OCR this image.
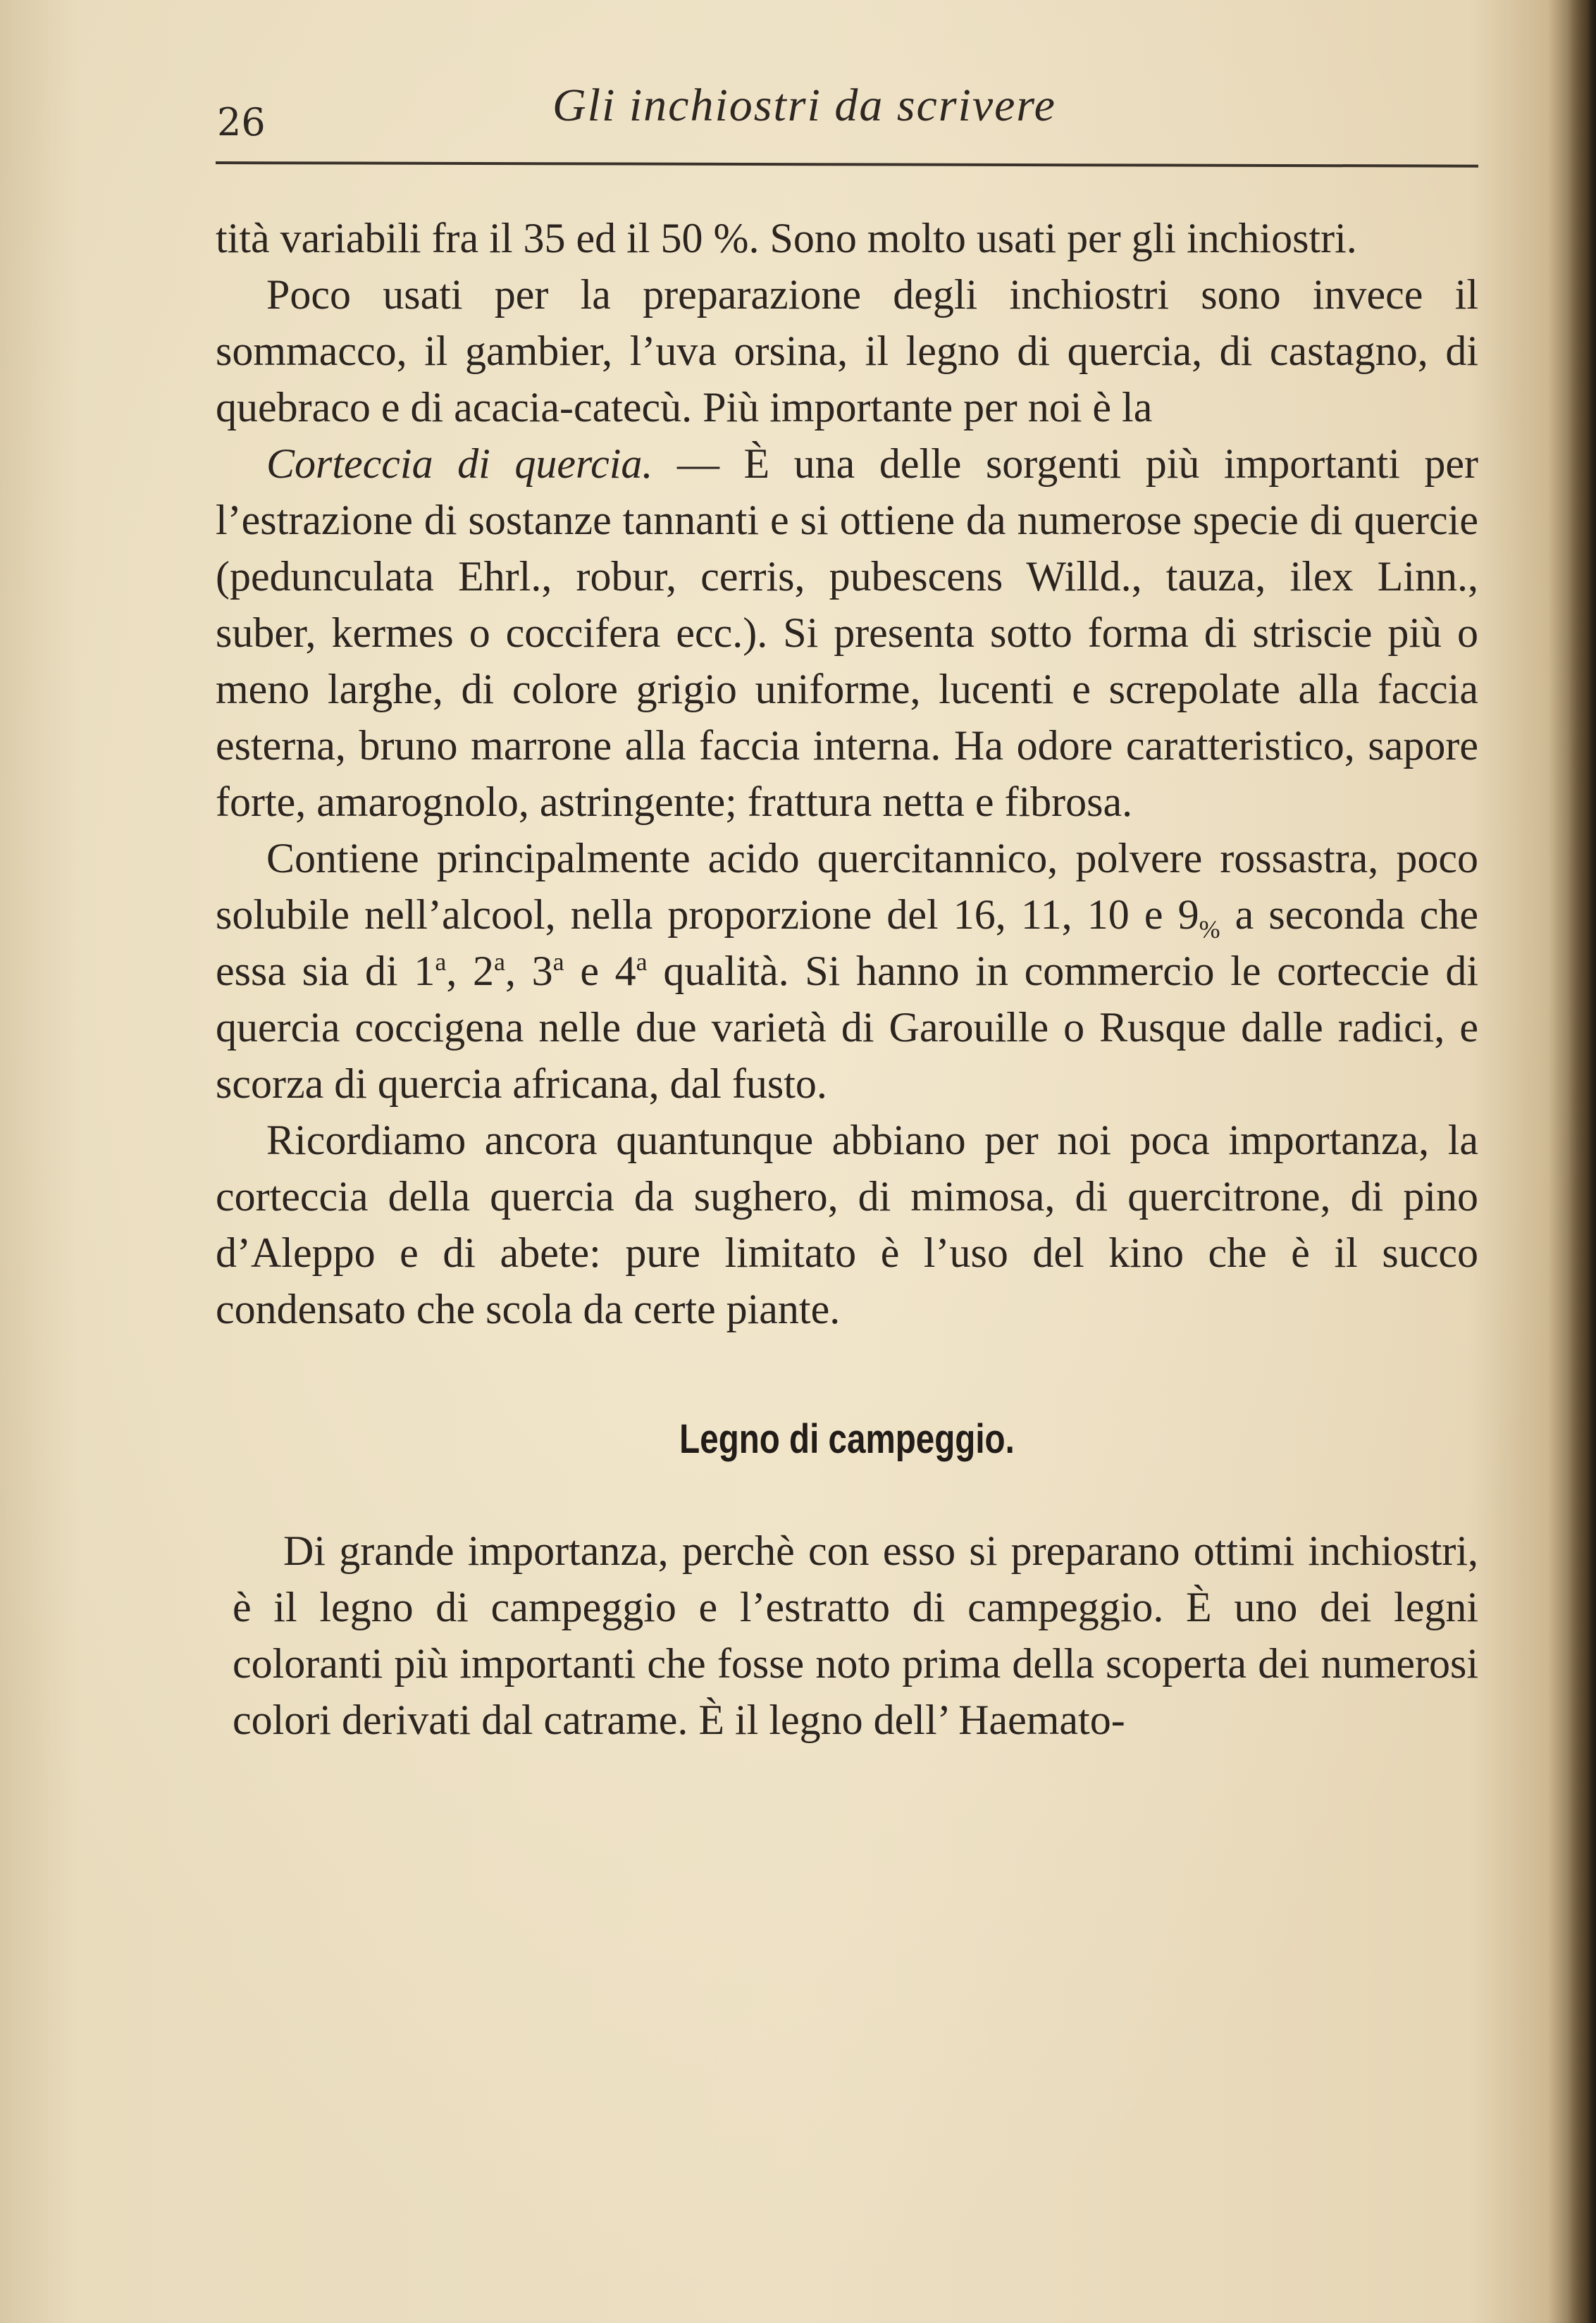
26	Gli inchiostri da scrivere

tità variabili fra il 35 ed il 50 %. Sono molto usati per gli inchiostri.

Poco usati per la preparazione degli inchiostri sono invece il sommacco, il gambier, l’uva orsina, il legno di quercia, di castagno, di quebraco e di acacia-catecù. Più importante per noi è la

Corteccia di quercia. — È una delle sorgenti più importanti per l’estrazione di sostanze tannanti e si ottiene da numerose specie di quercie (pedunculata Ehrl., robur, cerris, pubescens Willd., tauza, ilex Linn., suber, kermes o coccifera ecc.). Si presenta sotto forma di striscie più o meno larghe, di colore grigio uniforme, lucenti e screpolate alla faccia esterna, bruno marrone alla faccia interna. Ha odore caratteristico, sapore forte, amarognolo, astringente; frattura netta e fibrosa.

Contiene principalmente acido quercitannico, polvere rossastra, poco solubile nell’alcool, nella proporzione del 16, 11, 10 e $9_{\%}$ a seconda che essa sia di 1$^a$, 2$^a$, 3$^a$ e 4$^a$ qualità. Si hanno in commercio le corteccie di quercia coccigena nelle due varietà di Garouille o Rusque dalle radici, e scorza di quercia africana, dal fusto.

Ricordiamo ancora quantunque abbiano per noi poca importanza, la corteccia della quercia da sughero, di mimosa, di quercitrone, di pino d’Aleppo e di abete: pure limitato è l’uso del kino che è il succo condensato che scola da certe piante.

Legno di campeggio.

Di grande importanza, perchè con esso si preparano ottimi inchiostri, è il legno di campeggio e l’estratto di campeggio. È uno dei legni coloranti più importanti che fosse noto prima della scoperta dei numerosi colori derivati dal catrame. È il legno dell’ Haemato-
